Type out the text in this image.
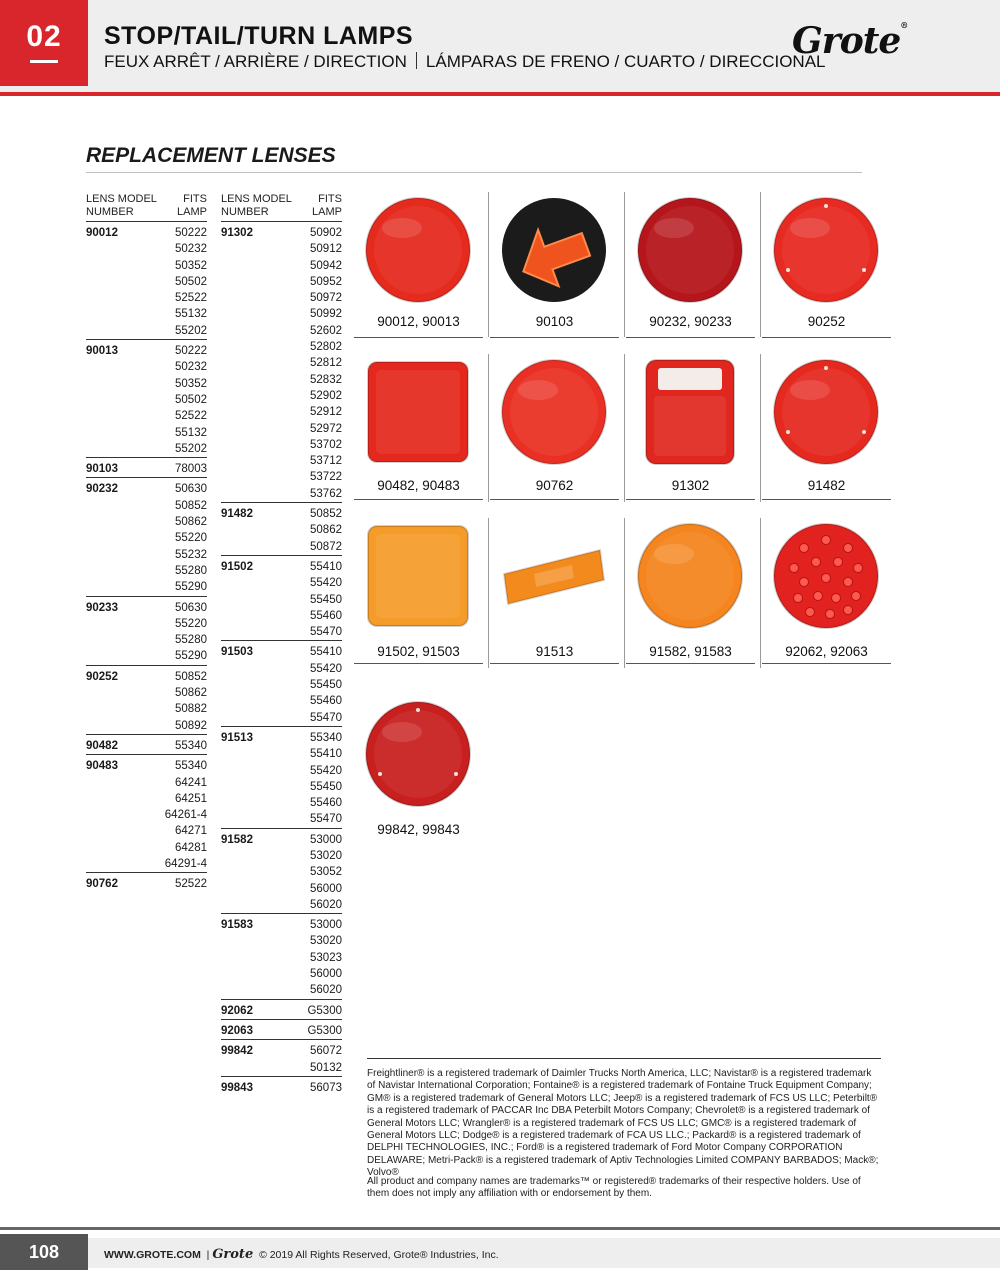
02	STOP/TAIL/TURN LAMPS
FEUX ARRÊT / ARRIÈRE / DIRECTION LÁMPARAS DE FRENO / CUARTO / DIRECCIONAL
Grote®
REPLACEMENT LENSES
LENS MODEL
NUMBER
FITS
LAMP
90012	50222
50232
50352
50502
52522
55132
55202
90013	50222
50232
50352
50502
52522
55132
55202
90103	78003
90232	50630
50852
50862
55220
55232
55280
55290
90233	50630
55220
55280
55290
90252	50852
50862
50882
50892
90482	55340
90483	55340
64241
64251
64261-4
64271
64281
64291-4
90762	52522
LENS MODEL
NUMBER
FITS
LAMP
91302	50902
50912
50942
50952
50972
50992
52602
52802
52812
52832
52902
52912
52972
53702
53712
53722
53762
91482	50852
50862
50872
91502	55410
55420
55450
55460
55470
91503	55410
55420
55450
55460
55470
91513	55340
55410
55420
55450
55460
55470
91582	53000
53020
53052
56000
56020
91583	53000
53020
53023
56000
56020
92062	G5300
92063	G5300
99842	56072
50132
99843	56073
90012, 90013	90103	90232, 90233	90252
90482, 90483	90762	91302	91482
91502, 91503	91513	91582, 91583	92062, 92063
99842, 99843
Freightliner® is a registered trademark of Daimler Trucks North America, LLC; Navistar® is a registered trademark of Navistar International Corporation; Fontaine® is a registered trademark of Fontaine Truck Equipment Company; GM® is a registered trademark of General Motors LLC; Jeep® is a registered trademark of FCS US LLC; Peterbilt® is a registered trademark of PACCAR Inc DBA Peterbilt Motors Company; Chevrolet® is a registered trademark of General Motors LLC; Wrangler® is a registered trademark of FCS US LLC; GMC® is a registered trademark of General Motors LLC; Dodge® is a registered trademark of FCA US LLC.; Packard® is a registered trademark of DELPHI TECHNOLOGIES, INC.; Ford® is a registered trademark of Ford Motor Company CORPORATION DELAWARE; Metri-Pack® is a registered trademark of Aptiv Technologies Limited COMPANY BARBADOS; Mack®; Volvo®
All product and company names are trademarks™ or registered® trademarks of their respective holders. Use of them does not imply any affiliation with or endorsement by them.
108	WWW.GROTE.COM  | Grote © 2019 All Rights Reserved, Grote® Industries, Inc.
